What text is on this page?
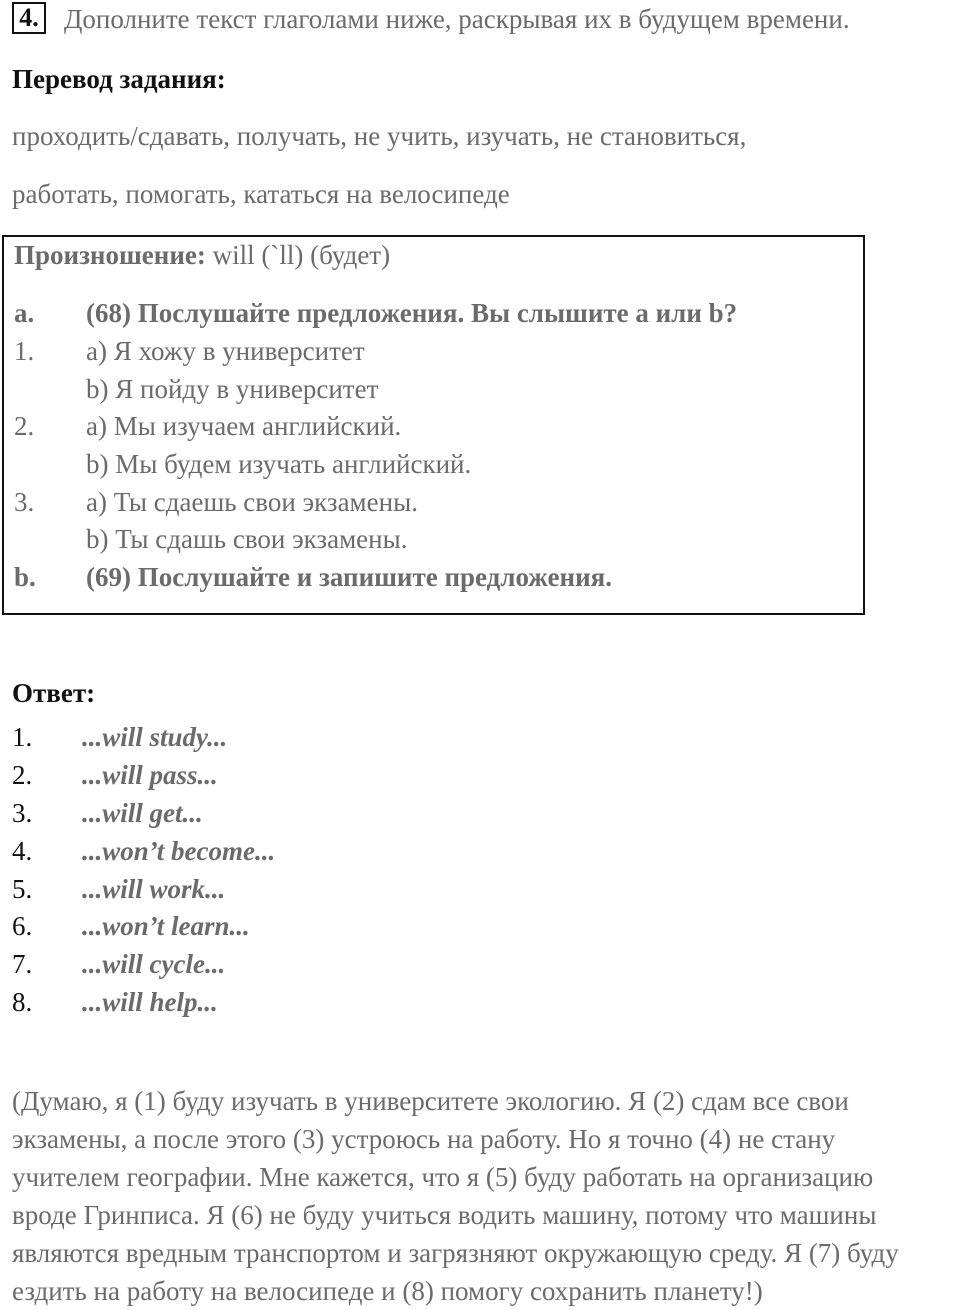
4. Дополните текст глаголами ниже, раскрывая их в будущем времени.
Перевод задания:
проходить/сдавать, получать, не учить, изучать, не становиться,
работать, помогать, кататься на велосипеде
Произношение: will (`ll) (будет)
a. (68) Послушайте предложения. Вы слышите a или b?
1. a) Я хожу в университет
b) Я пойду в университет
2. a) Мы изучаем английский.
b) Мы будем изучать английский.
3. a) Ты сдаешь свои экзамены.
b) Ты сдашь свои экзамены.
b. (69) Послушайте и запишите предложения.
Ответ:
1. ...will study...
2. ...will pass...
3. ...will get...
4. ...won’t become...
5. ...will work...
6. ...won’t learn...
7. ...will cycle...
8. ...will help...
(Думаю, я (1) буду изучать в университете экологию. Я (2) сдам все свои
экзамены, а после этого (3) устроюсь на работу. Но я точно (4) не стану
учителем географии. Мне кажется, что я (5) буду работать на организацию
вроде Гринписа. Я (6) не буду учиться водить машину, потому что машины
являются вредным транспортом и загрязняют окружающую среду. Я (7) буду
ездить на работу на велосипеде и (8) помогу сохранить планету!)
